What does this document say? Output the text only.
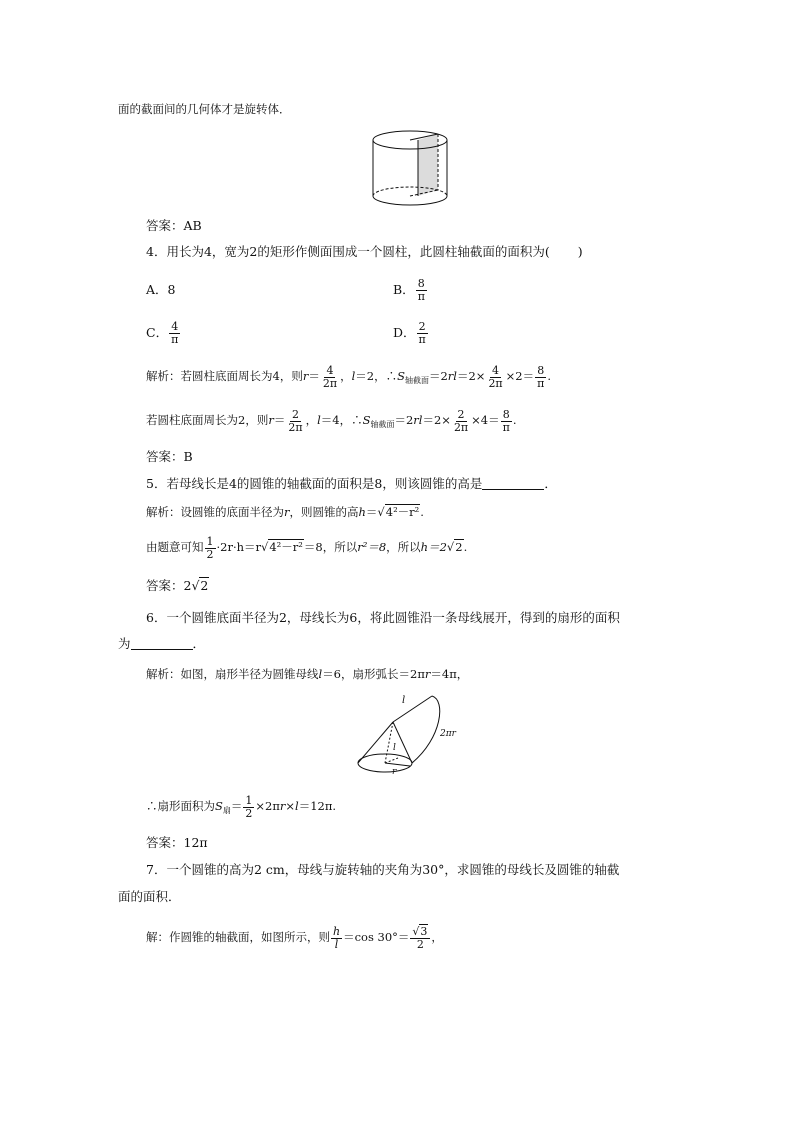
面的截面间的几何体才是旋转体．
答案：AB
4．用长为4，宽为2的矩形作侧面围成一个圆柱，此圆柱轴截面的面积为( )
A．8	B． $\frac{8}{\pi}$
C． $\frac{4}{\pi}$	D． $\frac{2}{\pi}$
解析：若圆柱底面周长为4，则$r= \frac{4}{2\pi}$ ，l＝2，$\therefore S_{轴截面}=2rl=2\times \frac{4}{2\pi} \times 2= \frac{8}{\pi}$ .
若圆柱底面周长为2，则$r= \frac{2}{2\pi}$ ，l＝4，$\therefore S_{轴截面}=2rl=2\times \frac{2}{2\pi} \times 4= \frac{8}{\pi}$ .
答案：B
5．若母线长是4的圆锥的轴截面的面积是8，则该圆锥的高是	．
解析：设圆锥的底面半径为r，则圆锥的高h＝√4²－r².
由题意可知 $\frac{1}{2} \cdot 2r\cdot h=r√4^2-r^2=8$，所以r²＝8，所以h＝2√2.
答案：2√2
6．一个圆锥底面半径为2，母线长为6，将此圆锥沿一条母线展开，得到的扇形的面积
为	．
解析：如图，扇形半径为圆锥母线l＝6，扇形弧长＝2πr＝4π，
l
2πr
l
r
∴扇形面积为$S_扇= \frac{1}{2} \times 2\pi r\times l=12\pi$.
答案：12π
7．一个圆锥的高为2 cm，母线与旋转轴的夹角为30°，求圆锥的母线长及圆锥的轴截
面的面积．
解：作圆锥的轴截面，如图所示，则 $\frac{h}{l} =\cos$ $30^\circ= \frac{√3}{2}$ ，
